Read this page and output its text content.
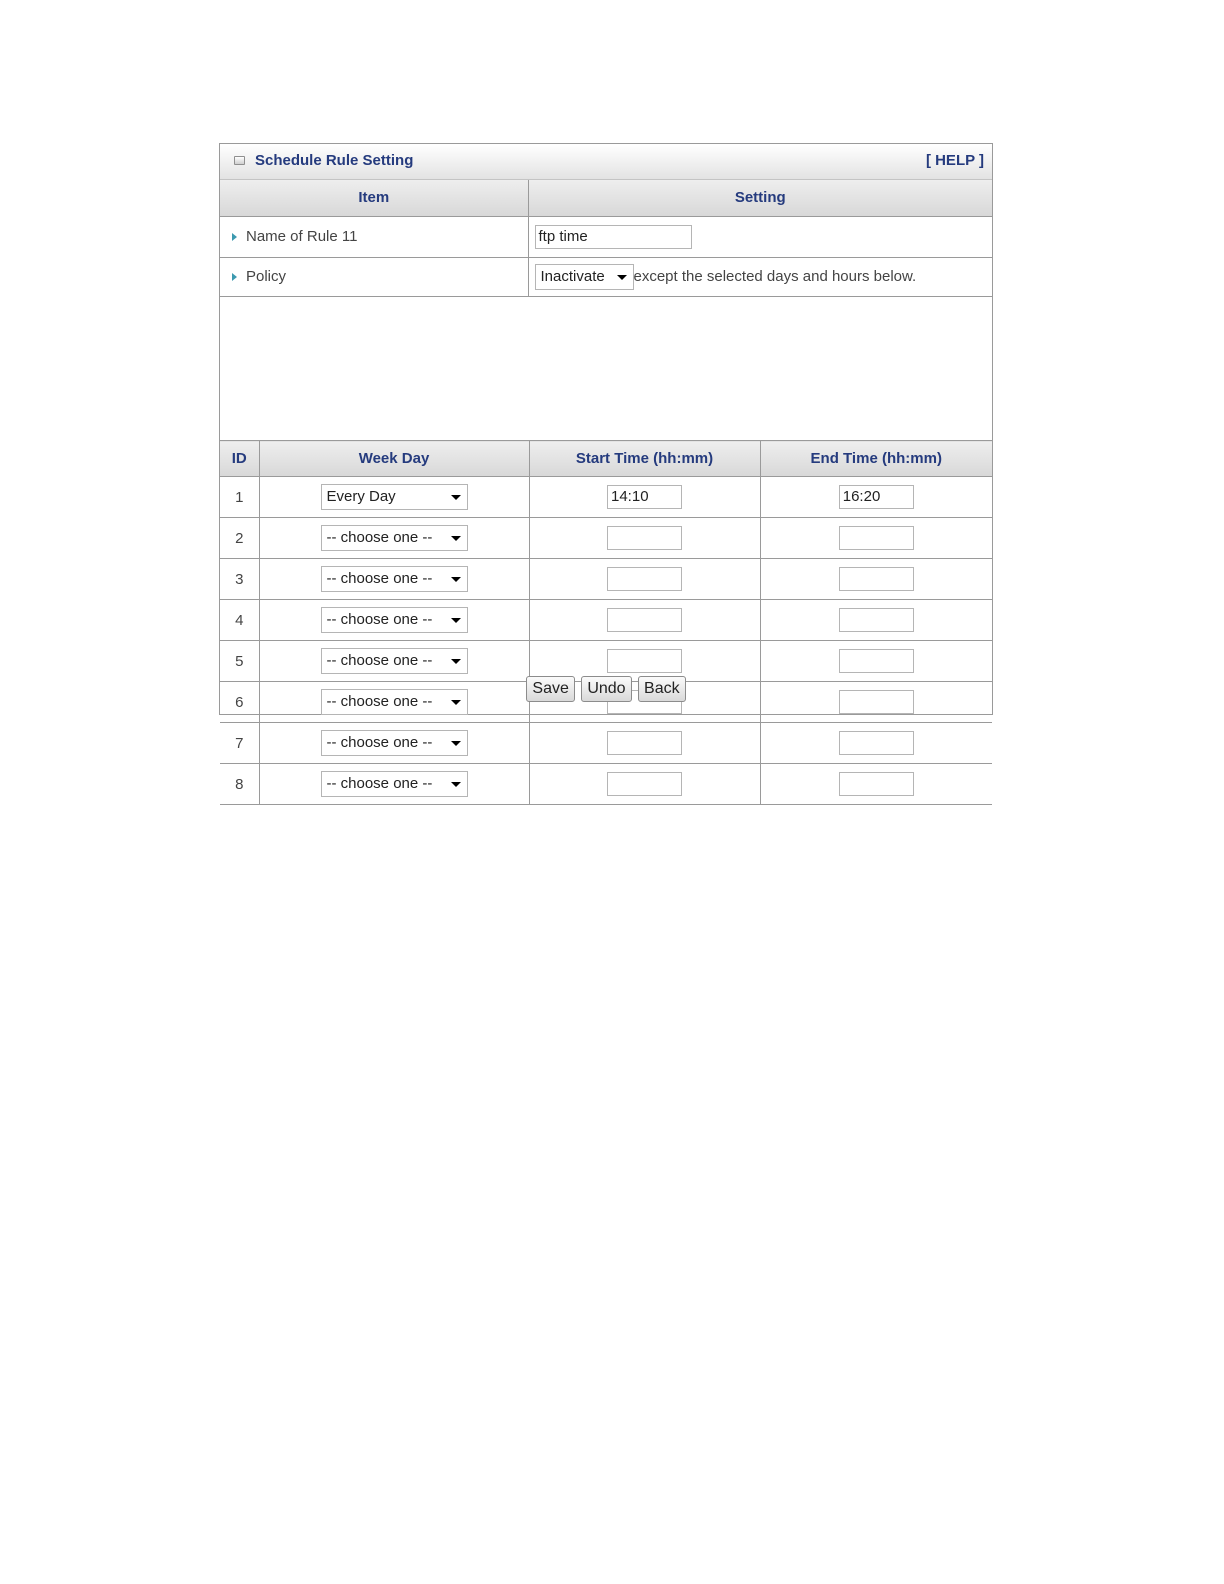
Schedule Rule Setting	[ HELP ]
Item	Setting
Name of Rule 11	ftp time
Policy	Inactivate except the selected days and hours below.
ID	Week Day	Start Time (hh:mm)	End Time (hh:mm)
1	Every Day	14:10	16:20
2	-- choose one --

3	-- choose one --

4	-- choose one --

5	-- choose one --

6	-- choose one --

7	-- choose one --

8	-- choose one --

Save Undo Back
